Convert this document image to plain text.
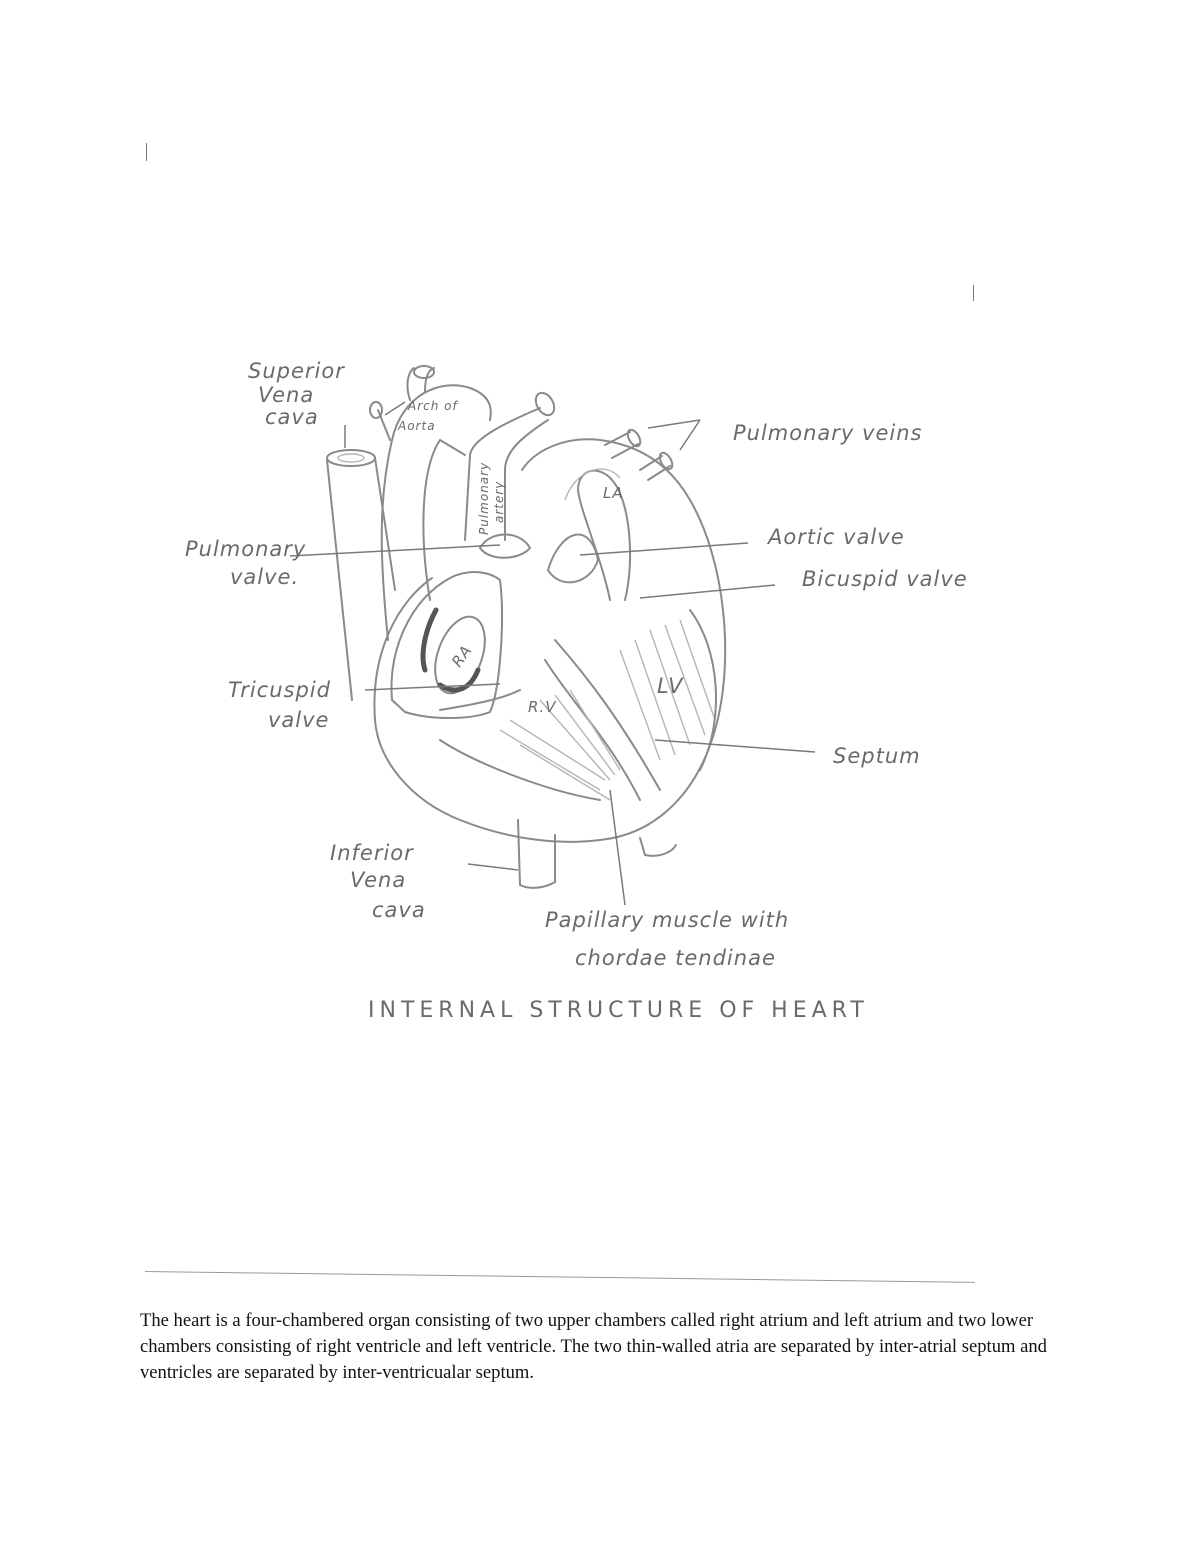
Superior Vena cava	Arch of Aorta
Pulmonary artery
Pulmonary veins
Pulmonary valve.
Aortic valve
Bicuspid valve
Tricuspid valve
Septum
Inferior Vena cava	Papillary muscle with chordae tendinae
LA
RA
R.V
LV
INTERNAL STRUCTURE OF HEART

The heart is a four-chambered organ consisting of two upper chambers called right atrium and left atrium and two lower chambers consisting of right ventricle and left ventricle. The two thin-walled atria are separated by inter-atrial septum and ventricles are separated by inter-ventricualar septum.
